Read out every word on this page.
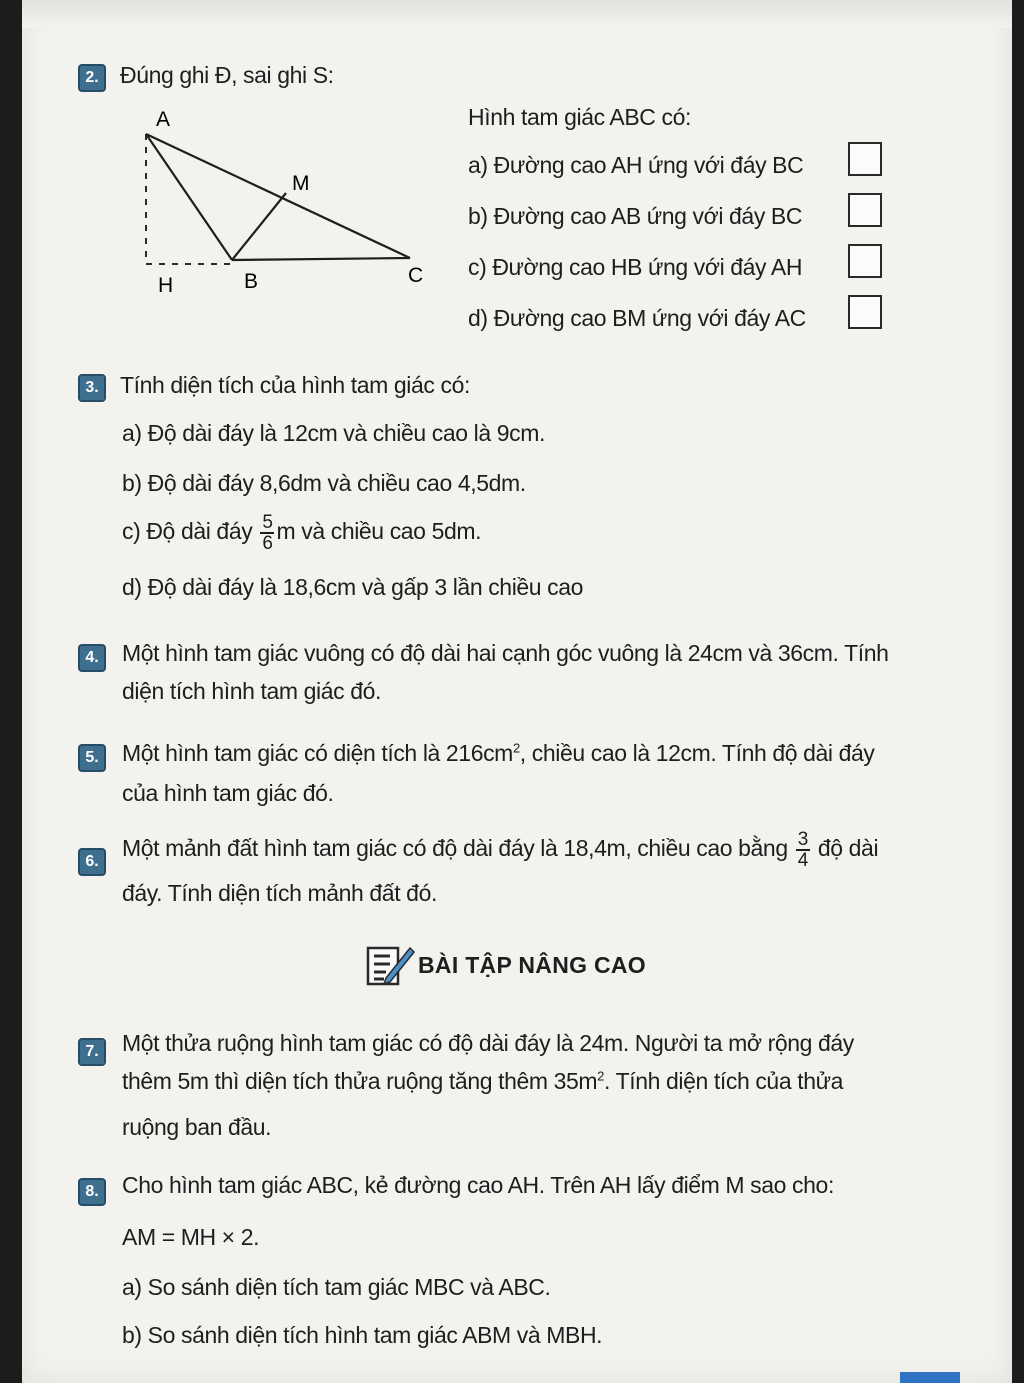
2. Đúng ghi Đ, sai ghi S:
A
M
H	B	C
Hình tam giác ABC có:
a) Đường cao AH ứng với đáy BC
b) Đường cao AB ứng với đáy BC
c) Đường cao HB ứng với đáy AH
d) Đường cao BM ứng với đáy AC
3. Tính diện tích của hình tam giác có:
a) Độ dài đáy là 12cm và chiều cao là 9cm.
b) Độ dài đáy 8,6dm và chiều cao 4,5dm.
c) Độ dài đáy $\frac{5}{6}$ m và chiều cao 5dm.
d) Độ dài đáy là 18,6cm và gấp 3 lần chiều cao
4.	Một hình tam giác vuông có độ dài hai cạnh góc vuông là 24cm và 36cm. Tính
diện tích hình tam giác đó.
5.	Một hình tam giác có diện tích là $216cm^2$, chiều cao là 12cm. Tính độ dài đáy
của hình tam giác đó.
6.
Một mảnh đất hình tam giác có độ dài đáy là 18,4m, chiều cao bằng $\frac{3}{4}$ độ dài
đáy. Tính diện tích mảnh đất đó.
BÀI TẬP NÂNG CAO
7.	Một thửa ruộng hình tam giác có độ dài đáy là 24m. Người ta mở rộng đáy
thêm 5m thì diện tích thửa ruộng tăng thêm $35m^2$. Tính diện tích của thửa
ruộng ban đầu.
8.	Cho hình tam giác ABC, kẻ đường cao AH. Trên AH lấy điểm M sao cho:
AM = MH × 2.
a) So sánh diện tích tam giác MBC và ABC.
b) So sánh diện tích hình tam giác ABM và MBH.
